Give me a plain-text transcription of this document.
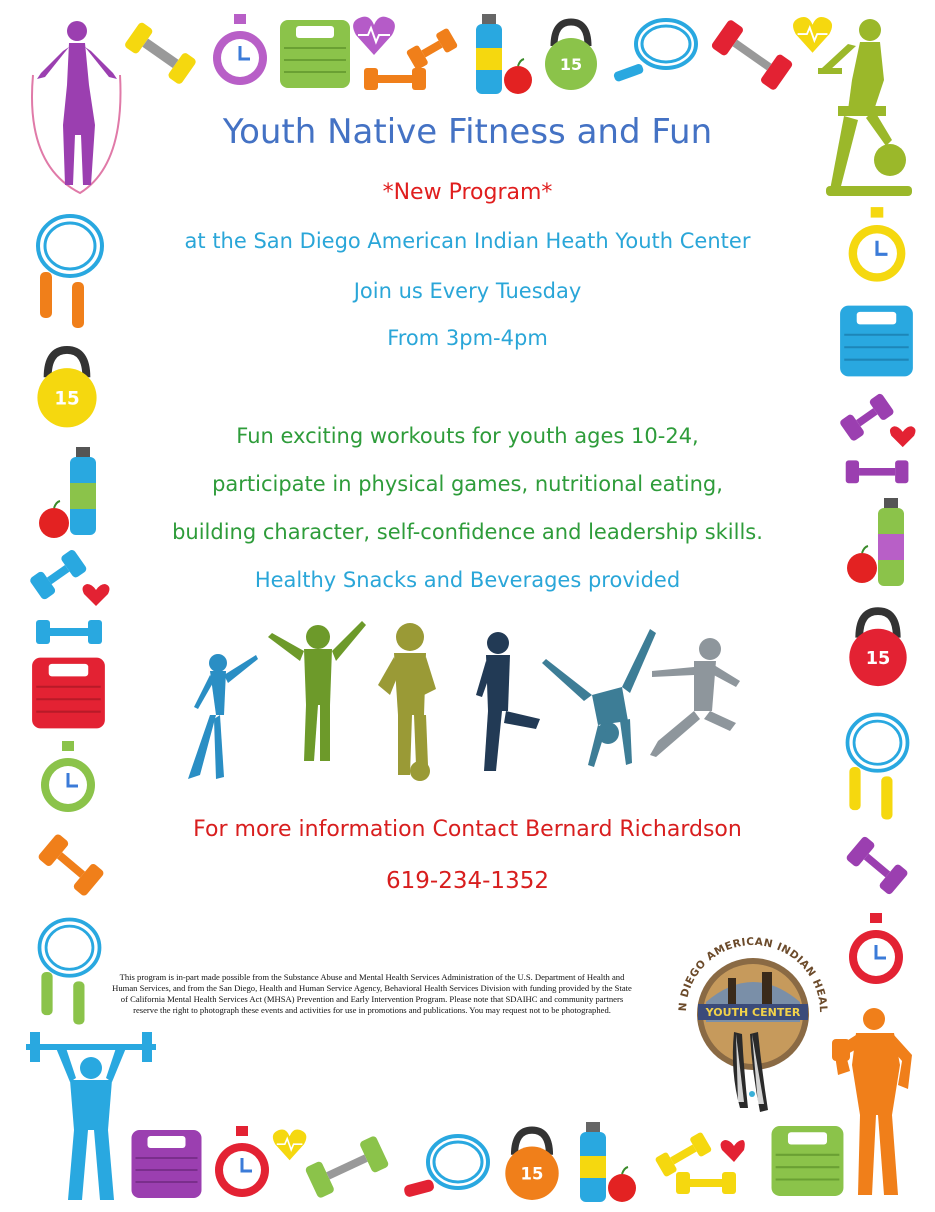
15
15
15
15
Youth Native Fitness and Fun
*New Program*
at the San Diego American Indian Heath Youth Center
Join us Every Tuesday
From 3pm-4pm
Fun exciting workouts for youth ages 10-24,
participate in physical games, nutritional eating,
building character, self-confidence and leadership skills.
Healthy Snacks and Beverages provided
For more information Contact Bernard Richardson
619-234-1352
This program is in-part made possible from the Substance Abuse and Mental Health Services Administration of the U.S. Department of Health and Human Services, and from the San Diego, Health and Human Service Agency, Behavioral Health Services Division with funding provided by the State of California Mental Health Services Act (MHSA) Prevention and Early Intervention Program. Please note that SDAIHC and community partners reserve the right to photograph these events and activities for use in promotions and publications. You may request not to be photographed.	N DIEGO AMERICAN INDIAN HEAL
YOUTH CENTER
